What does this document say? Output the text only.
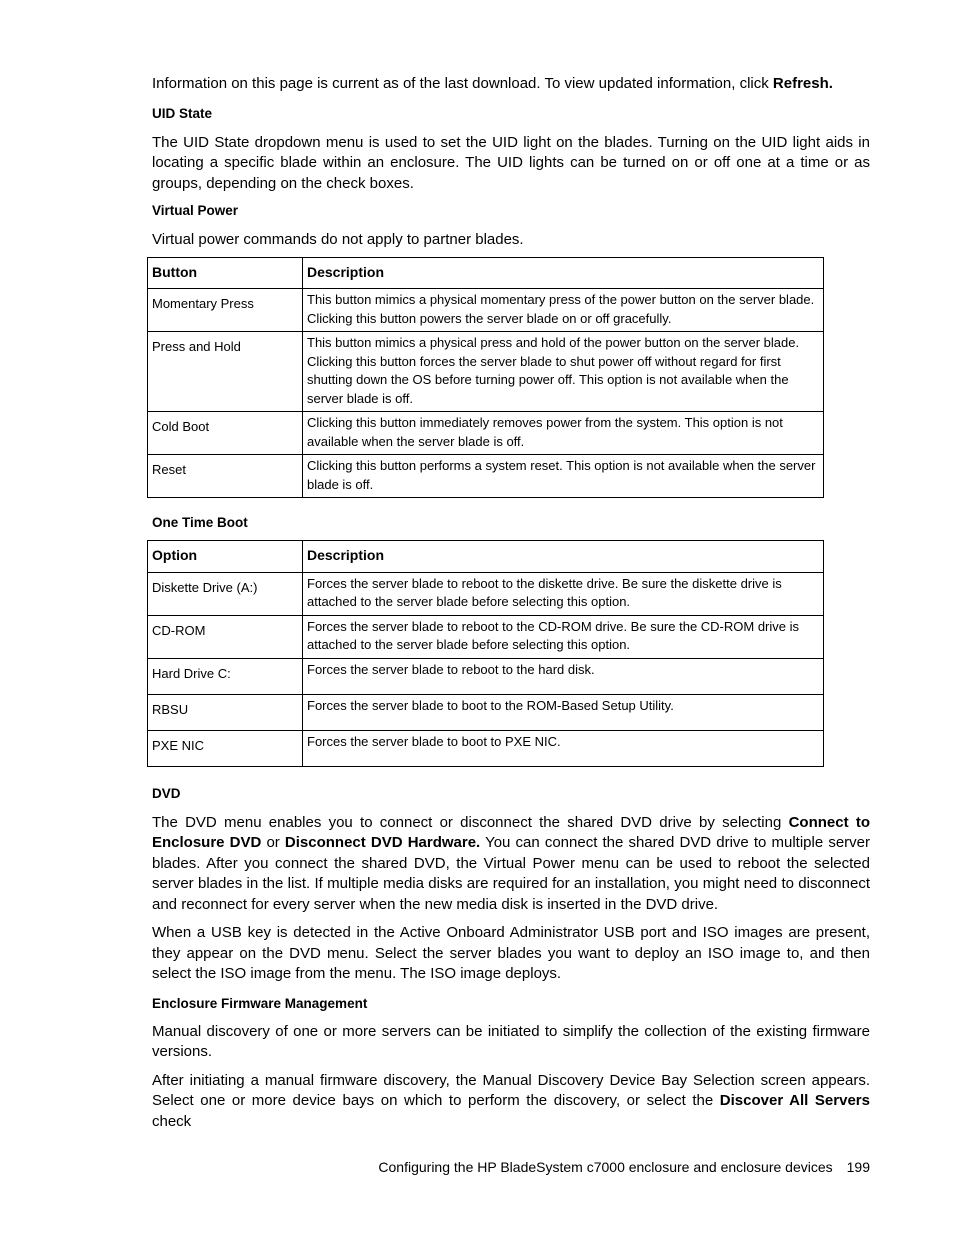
Information on this page is current as of the last download. To view updated information, click Refresh.

UID State

The UID State dropdown menu is used to set the UID light on the blades. Turning on the UID light aids in locating a specific blade within an enclosure. The UID lights can be turned on or off one at a time or as groups, depending on the check boxes.

Virtual Power

Virtual power commands do not apply to partner blades.

Button	Description
Momentary Press	This button mimics a physical momentary press of the power button on the server blade. Clicking this button powers the server blade on or off gracefully.
Press and Hold	This button mimics a physical press and hold of the power button on the server blade. Clicking this button forces the server blade to shut power off without regard for first shutting down the OS before turning power off. This option is not available when the server blade is off.
Cold Boot	Clicking this button immediately removes power from the system. This option is not available when the server blade is off.
Reset	Clicking this button performs a system reset. This option is not available when the server blade is off.
One Time Boot
Option	Description
Diskette Drive (A:)	Forces the server blade to reboot to the diskette drive. Be sure the diskette drive is attached to the server blade before selecting this option.
CD-ROM	Forces the server blade to reboot to the CD-ROM drive. Be sure the CD-ROM drive is attached to the server blade before selecting this option.
Hard Drive C:	Forces the server blade to reboot to the hard disk.
RBSU	Forces the server blade to boot to the ROM-Based Setup Utility.
PXE NIC	Forces the server blade to boot to PXE NIC.
DVD

The DVD menu enables you to connect or disconnect the shared DVD drive by selecting Connect to Enclosure DVD or Disconnect DVD Hardware. You can connect the shared DVD drive to multiple server blades. After you connect the shared DVD, the Virtual Power menu can be used to reboot the selected server blades in the list. If multiple media disks are required for an installation, you might need to disconnect and reconnect for every server when the new media disk is inserted in the DVD drive.

When a USB key is detected in the Active Onboard Administrator USB port and ISO images are present, they appear on the DVD menu. Select the server blades you want to deploy an ISO image to, and then select the ISO image from the menu. The ISO image deploys.

Enclosure Firmware Management

Manual discovery of one or more servers can be initiated to simplify the collection of the existing firmware versions.

After initiating a manual firmware discovery, the Manual Discovery Device Bay Selection screen appears. Select one or more device bays on which to perform the discovery, or select the Discover All Servers check

Configuring the HP BladeSystem c7000 enclosure and enclosure devices 199
